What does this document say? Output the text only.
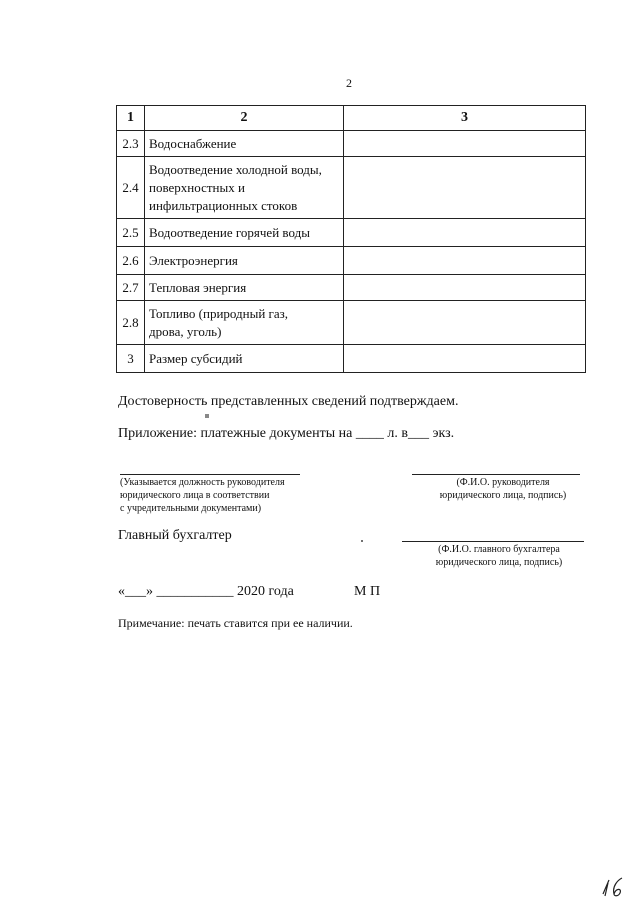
2
1	2	3
2.3	Водоснабжение	
2.4	Водоотведение холодной воды,
поверхностных и
инфильтрационных стоков	

2.5	Водоотведение горячей воды	
2.6	Электроэнергия	
2.7	Тепловая энергия	
2.8	Топливо (природный газ,
дрова, уголь)	

3	Размер субсидий	
Достоверность представленных сведений подтверждаем.
Приложение: платежные документы на ____ л. в___ экз.
(Указывается должность руководителя
юридического лица в соответствии
с учредительными документами)
(Ф.И.О. руководителя
юридического лица, подпись)
Главный бухгалтер
(Ф.И.О. главного бухгалтера
юридического лица, подпись)
«___» ___________ 2020 года	М П
Примечание: печать ставится при ее наличии.
